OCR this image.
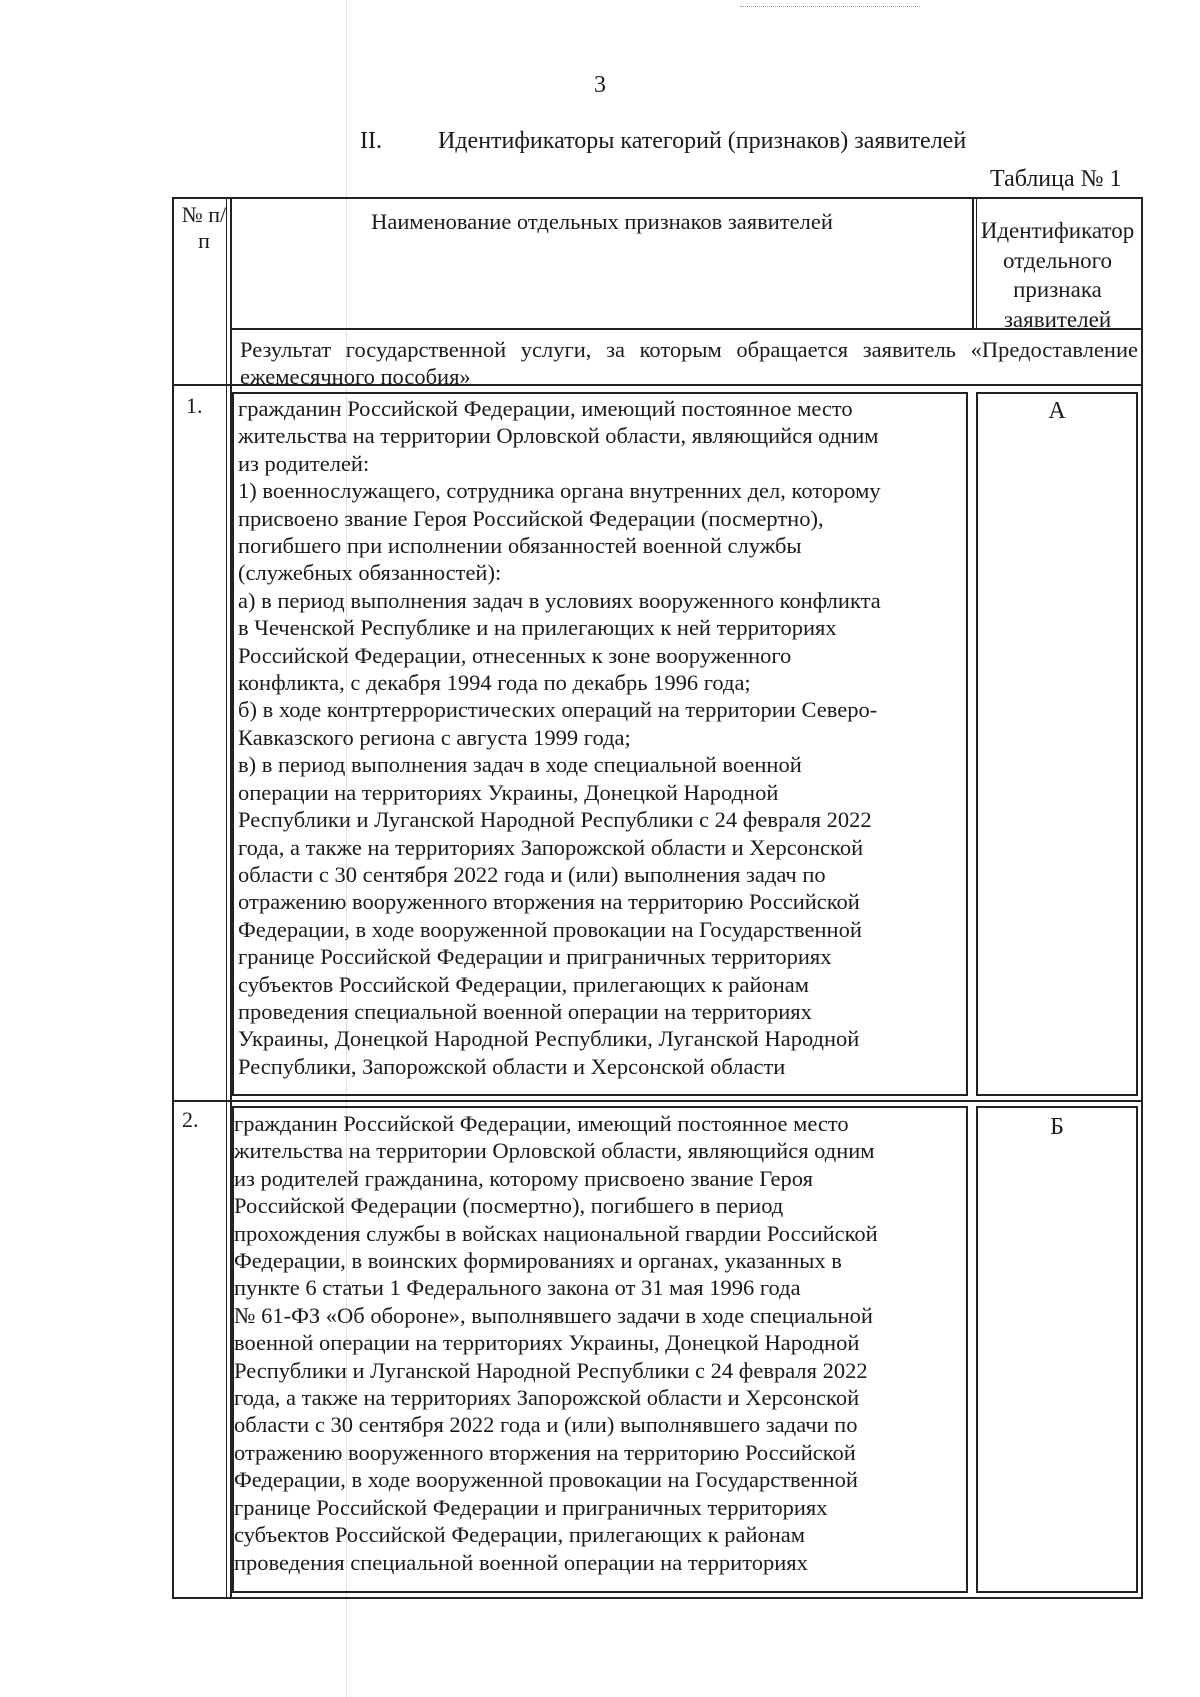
3
II. Идентификаторы категорий (признаков) заявителей
Таблица № 1
№ п/п
Наименование отдельных признаков заявителей	Идентификатор отдельного признака заявителей
Результат государственной услуги, за которым обращается заявитель «Предоставление ежемесячного пособия»
1. гражданин Российской Федерации, имеющий постоянное место

жительства на территории Орловской области, являющийся одним

из родителей:

1) военнослужащего, сотрудника органа внутренних дел, которому

присвоено звание Героя Российской Федерации (посмертно),

погибшего при исполнении обязанностей военной службы

(служебных обязанностей):

а) в период выполнения задач в условиях вооруженного конфликта

в Чеченской Республике и на прилегающих к ней территориях

Российской Федерации, отнесенных к зоне вооруженного

конфликта, с декабря 1994 года по декабрь 1996 года;

б) в ходе контртеррористических операций на территории Северо-

Кавказского региона с августа 1999 года;

в) в период выполнения задач в ходе специальной военной

операции на территориях Украины, Донецкой Народной

Республики и Луганской Народной Республики с 24 февраля 2022

года, а также на территориях Запорожской области и Херсонской

области с 30 сентября 2022 года и (или) выполнения задач по

отражению вооруженного вторжения на территорию Российской

Федерации, в ходе вооруженной провокации на Государственной

границе Российской Федерации и приграничных территориях

субъектов Российской Федерации, прилегающих к районам

проведения специальной военной операции на территориях

Украины, Донецкой Народной Республики, Луганской Народной

Республики, Запорожской области и Херсонской области

А
2. гражданин Российской Федерации, имеющий постоянное место

жительства на территории Орловской области, являющийся одним

из родителей гражданина, которому присвоено звание Героя

Российской Федерации (посмертно), погибшего в период

прохождения службы в войсках национальной гвардии Российской

Федерации, в воинских формированиях и органах, указанных в

пункте 6 статьи 1 Федерального закона от 31 мая 1996 года

№ 61-ФЗ «Об обороне», выполнявшего задачи в ходе специальной

военной операции на территориях Украины, Донецкой Народной

Республики и Луганской Народной Республики с 24 февраля 2022

года, а также на территориях Запорожской области и Херсонской

области с 30 сентября 2022 года и (или) выполнявшего задачи по

отражению вооруженного вторжения на территорию Российской

Федерации, в ходе вооруженной провокации на Государственной

границе Российской Федерации и приграничных территориях

субъектов Российской Федерации, прилегающих к районам

проведения специальной военной операции на территориях

Б
